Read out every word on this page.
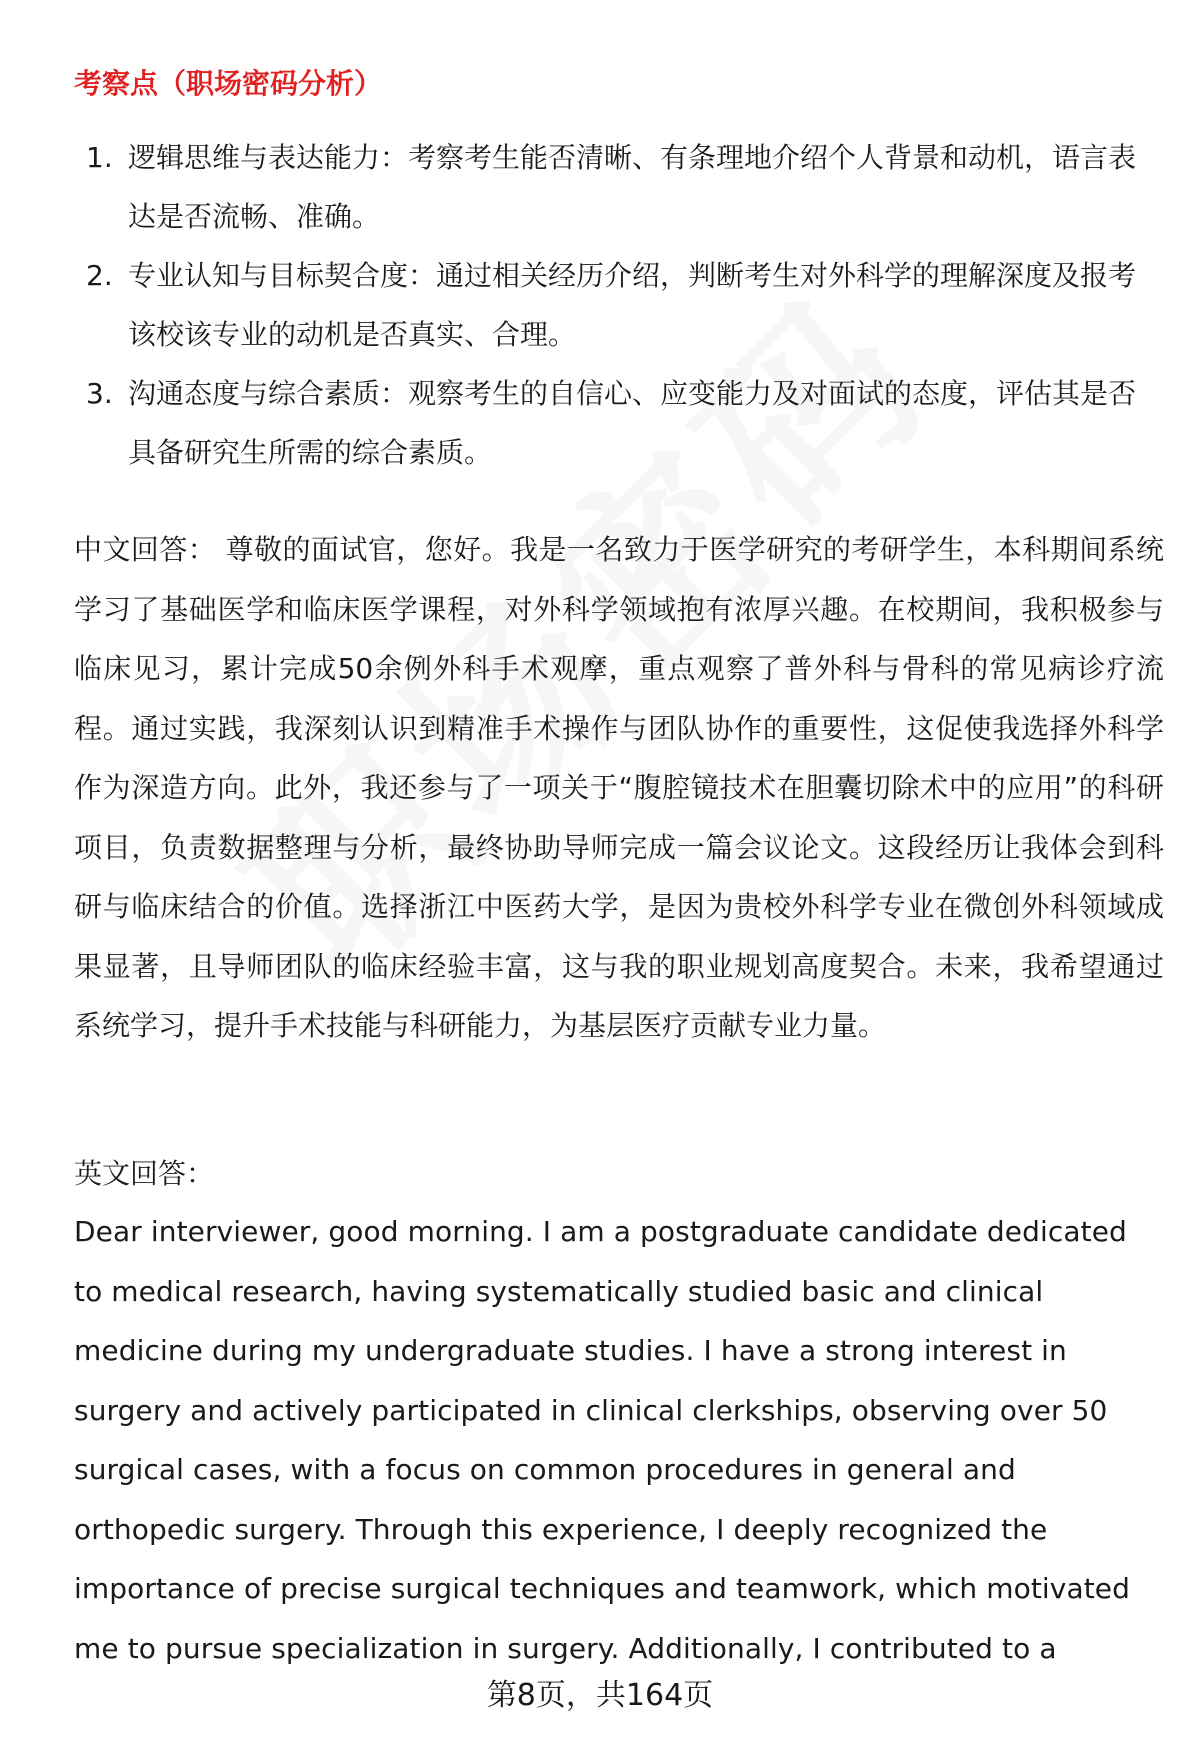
考察点（职场密码分析）
1. 逻辑思维与表达能力：考察考生能否清晰、有条理地介绍个人背景和动机，语言表达是否流畅、准确。
2. 专业认知与目标契合度：通过相关经历介绍，判断考生对外科学的理解深度及报考该校该专业的动机是否真实、合理。
3. 沟通态度与综合素质：观察考生的自信心、应变能力及对面试的态度，评估其是否具备研究生所需的综合素质。
中文回答： 尊敬的面试官，您好。我是一名致力于医学研究的考研学生，本科期间系统学习了基础医学和临床医学课程，对外科学领域抱有浓厚兴趣。在校期间，我积极参与临床见习，累计完成50余例外科手术观摩，重点观察了普外科与骨科的常见病诊疗流程。通过实践，我深刻认识到精准手术操作与团队协作的重要性，这促使我选择外科学作为深造方向。此外，我还参与了一项关于“腹腔镜技术在胆囊切除术中的应用”的科研项目，负责数据整理与分析，最终协助导师完成一篇会议论文。这段经历让我体会到科研与临床结合的价值。选择浙江中医药大学，是因为贵校外科学专业在微创外科领域成果显著，且导师团队的临床经验丰富，这与我的职业规划高度契合。未来，我希望通过系统学习，提升手术技能与科研能力，为基层医疗贡献专业力量。
英文回答：
Dear interviewer, good morning. I am a postgraduate candidate dedicated to medical research, having systematically studied basic and clinical medicine during my undergraduate studies. I have a strong interest in surgery and actively participated in clinical clerkships, observing over 50 surgical cases, with a focus on common procedures in general and orthopedic surgery. Through this experience, I deeply recognized the importance of precise surgical techniques and teamwork, which motivated me to pursue specialization in surgery. Additionally, I contributed to a
第8页，共164页
